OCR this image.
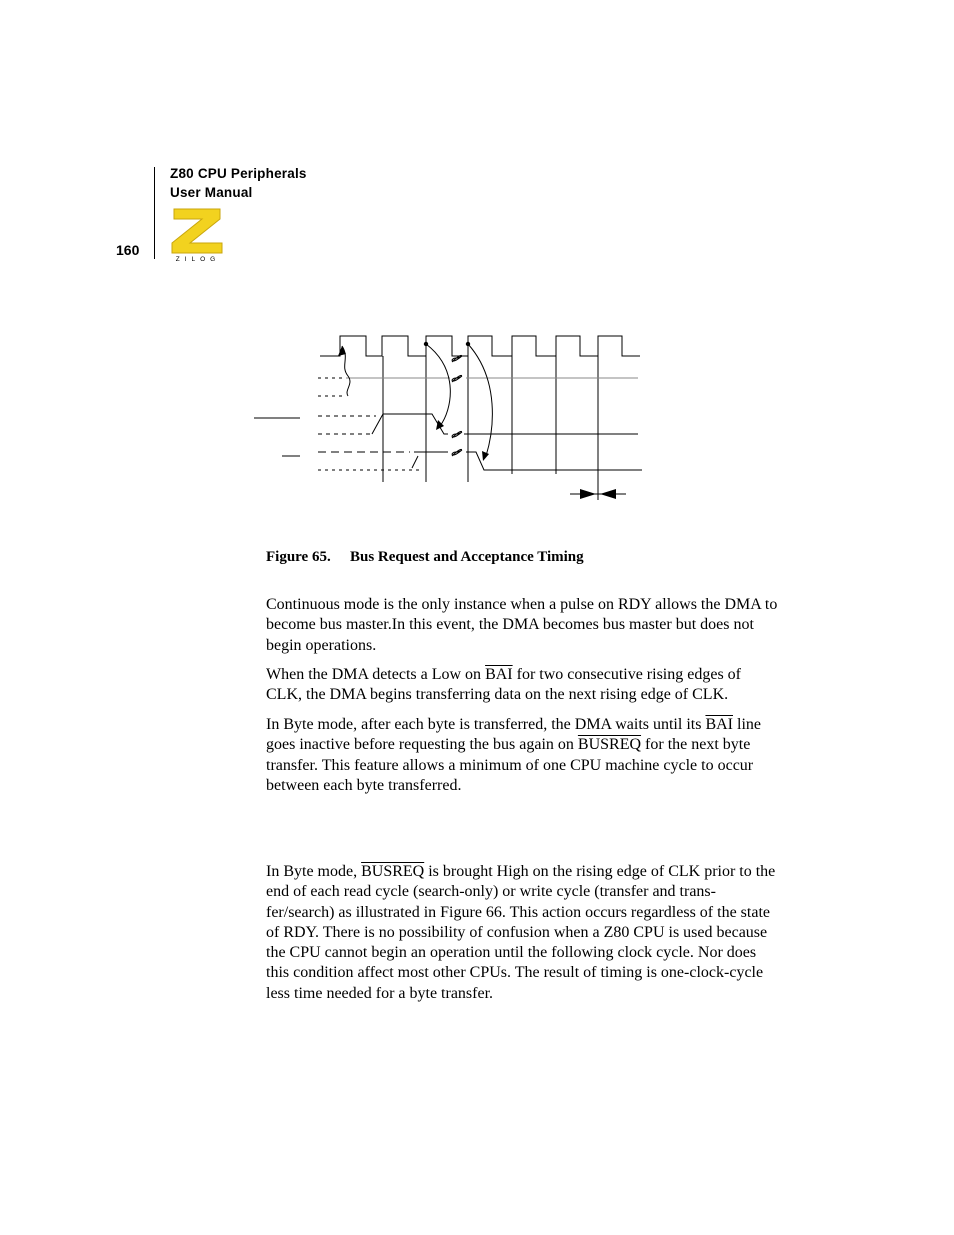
Z80 CPU Peripherals
User Manual
160
ZILOG
Figure 65. Bus Request and Acceptance Timing

Continuous mode is the only instance when a pulse on RDY allows the DMA to become bus master.In this event, the DMA becomes bus master but does not begin operations.

When the DMA detects a Low on $\overline{BAI}$ for two consecutive rising edges of CLK, the DMA begins transferring data on the next rising edge of CLK.

In Byte mode, after each byte is transferred, the DMA waits until its $\overline{BAI}$ line goes inactive before requesting the bus again on BUSREQ for the next byte transfer. This feature allows a minimum of one CPU machine cycle to occur between each byte transferred.

In Byte mode, BUSREQ is brought High on the rising edge of CLK prior to the end of each read cycle (search-only) or write cycle (transfer and trans-fer/search) as illustrated in Figure 66. This action occurs regardless of the state of RDY. There is no possibility of confusion when a Z80 CPU is used because the CPU cannot begin an operation until the following clock cycle. Nor does this condition affect most other CPUs. The result of timing is one-clock-cycle less time needed for a byte transfer.
